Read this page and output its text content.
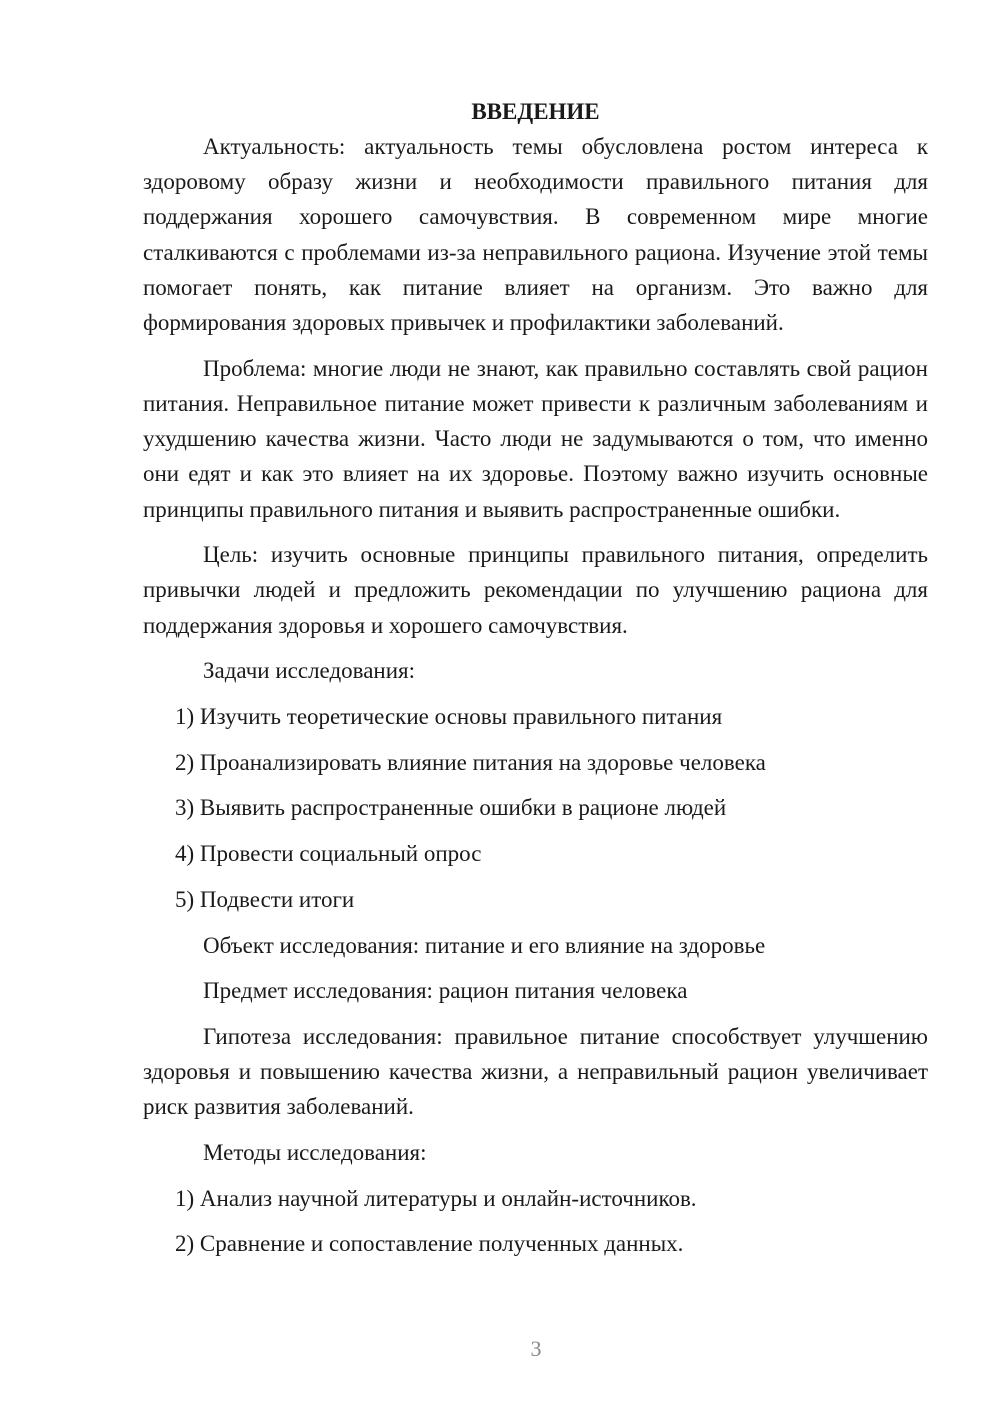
ВВЕДЕНИЕ

Актуальность: актуальность темы обусловлена ростом интереса к здоровому образу жизни и необходимости правильного питания для поддержания хорошего самочувствия. В современном мире многие сталкиваются с проблемами из-за неправильного рациона. Изучение этой темы помогает понять, как питание влияет на организм. Это важно для формирования здоровых привычек и профилактики заболеваний.

Проблема: многие люди не знают, как правильно составлять свой рацион питания. Неправильное питание может привести к различным заболеваниям и ухудшению качества жизни. Часто люди не задумываются о том, что именно они едят и как это влияет на их здоровье. Поэтому важно изучить основные принципы правильного питания и выявить распространенные ошибки.

Цель: изучить основные принципы правильного питания, определить привычки людей и предложить рекомендации по улучшению рациона для поддержания здоровья и хорошего самочувствия.

Задачи исследования:
1) Изучить теоретические основы правильного питания
2) Проанализировать влияние питания на здоровье человека
3) Выявить распространенные ошибки в рационе людей
4) Провести социальный опрос
5) Подвести итоги
Объект исследования: питание и его влияние на здоровье
Предмет исследования: рацион питания человека

Гипотеза исследования: правильное питание способствует улучшению здоровья и повышению качества жизни, а неправильный рацион увеличивает риск развития заболеваний.

Методы исследования:
1) Анализ научной литературы и онлайн-источников.
2) Сравнение и сопоставление полученных данных.
3
